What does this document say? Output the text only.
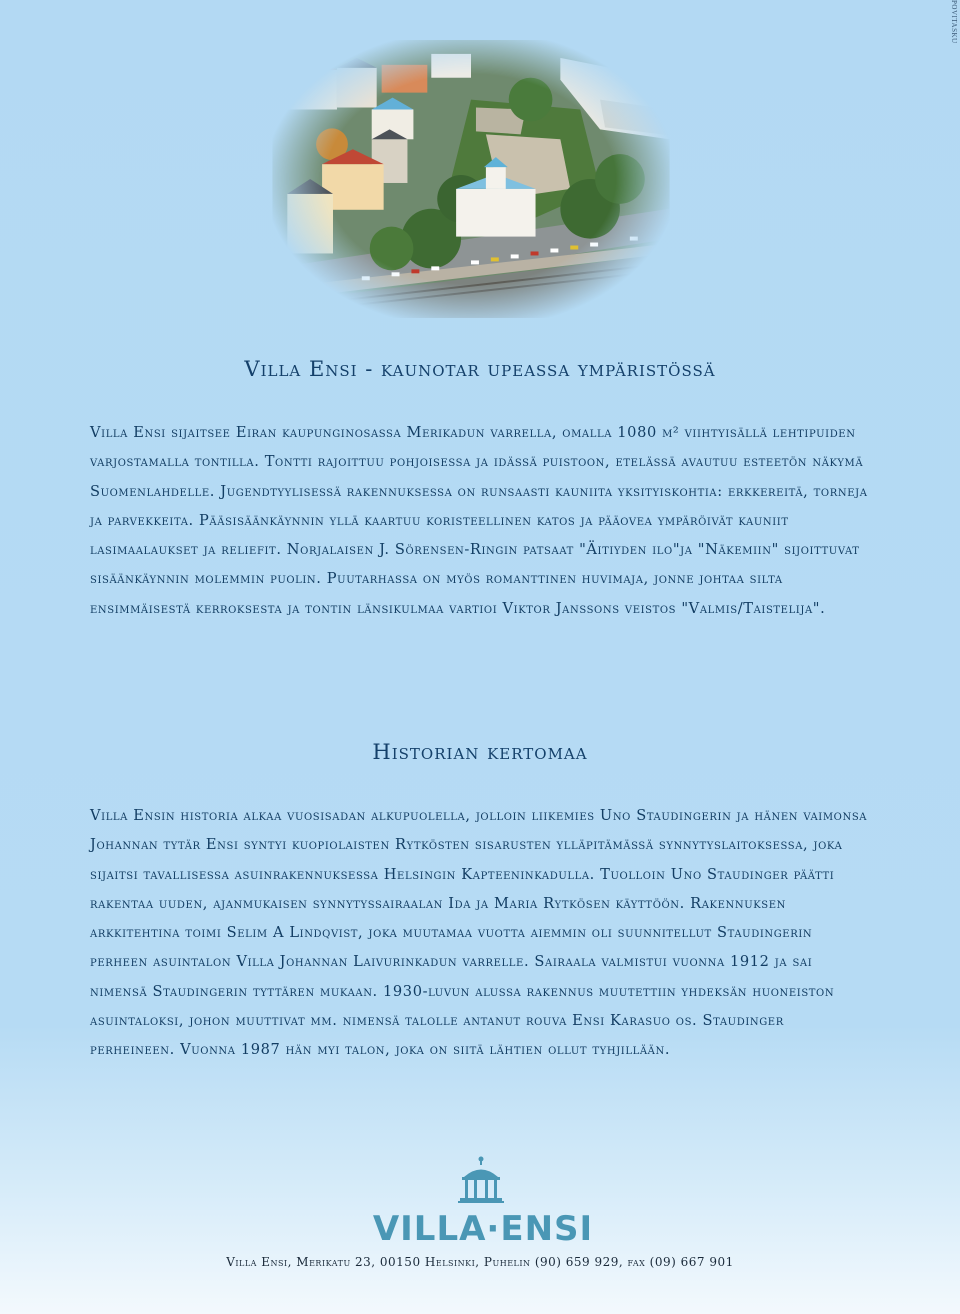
POVITASKU
Villa Ensi - kaunotar upeassa ympäristössä

Villa Ensi sijaitsee Eiran kaupunginosassa Merikadun varrella, omalla 1080 m² viihtyisällä lehtipuiden varjostamalla tontilla. Tontti rajoittuu pohjoisessa ja idässä puistoon, etelässä avautuu esteetön näkymä Suomenlahdelle. Jugendtyylisessä rakennuksessa on runsaasti kauniita yksityiskohtia: erkkereitä, torneja ja parvekkeita. Pääsisäänkäynnin yllä kaartuu koristeellinen katos ja pääovea ympäröivät kauniit lasimaalaukset ja reliefit. Norjalaisen J. Sörensen-Ringin patsaat "Äitiyden ilo"ja "Näkemiin" sijoittuvat sisäänkäynnin molemmin puolin. Puutarhassa on myös romanttinen huvimaja, jonne johtaa silta ensimmäisestä kerroksesta ja tontin länsikulmaa vartioi Viktor Janssons veistos "Valmis/Taistelija".

Historian kertomaa

Villa Ensin historia alkaa vuosisadan alkupuolella, jolloin liikemies Uno Staudingerin ja hänen vaimonsa Johannan tytär Ensi syntyi kuopiolaisten Rytkösten sisarusten ylläpitämässä synnytyslaitoksessa, joka sijaitsi tavallisessa asuinrakennuksessa Helsingin Kapteeninkadulla. Tuolloin Uno Staudinger päätti rakentaa uuden, ajanmukaisen synnytyssairaalan Ida ja Maria Rytkösen käyttöön. Rakennuksen arkkitehtina toimi Selim A Lindqvist, joka muutamaa vuotta aiemmin oli suunnitellut Staudingerin perheen asuintalon Villa Johannan Laivurinkadun varrelle. Sairaala valmistui vuonna 1912 ja sai nimensä Staudingerin tyttären mukaan. 1930-luvun alussa rakennus muutettiin yhdeksän huoneiston asuintaloksi, johon muuttivat mm. nimensä talolle antanut rouva Ensi Karasuo os. Staudinger perheineen. Vuonna 1987 hän myi talon, joka on siitä lähtien ollut tyhjillään.

VILLA·ENSI
Villa Ensi, Merikatu 23, 00150 Helsinki, Puhelin (90) 659 929, fax (09) 667 901
